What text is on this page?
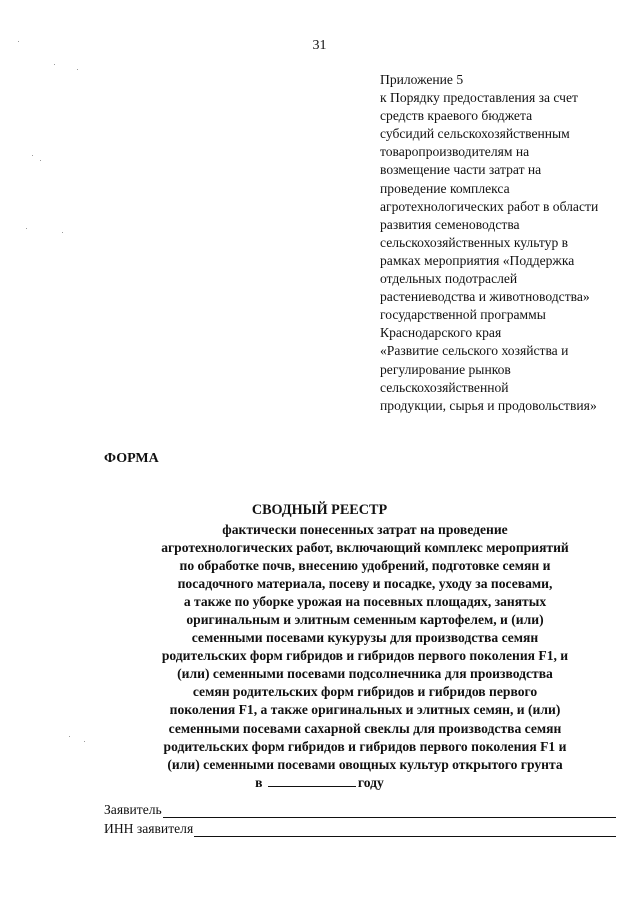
31
Приложение 5
к Порядку предоставления за счет
средств краевого бюджета
субсидий сельскохозяйственным
товаропроизводителям на
возмещение части затрат на
проведение комплекса
агротехнологических работ в области
развития семеноводства
сельскохозяйственных культур в
рамках мероприятия «Поддержка
отдельных подотраслей
растениеводства и животноводства»
государственной программы
Краснодарского края
«Развитие сельского хозяйства и
регулирование рынков
сельскохозяйственной
продукции, сырья и продовольствия»
ФОРМА
СВОДНЫЙ РЕЕСТР
фактически понесенных затрат на проведение
агротехнологических работ, включающий комплекс мероприятий
по обработке почв, внесению удобрений, подготовке семян и
посадочного материала, посеву и посадке, уходу за посевами,
а также по уборке урожая на посевных площадях, занятых
оригинальным и элитным семенным картофелем, и (или)
семенными посевами кукурузы для производства семян
родительских форм гибридов и гибридов первого поколения F1, и
(или) семенными посевами подсолнечника для производства
семян родительских форм гибридов и гибридов первого
поколения F1, а также оригинальных и элитных семян, и (или)
семенными посевами сахарной свеклы для производства семян
родительских форм гибридов и гибридов первого поколения F1 и
(или) семенными посевами овощных культур открытого грунта
в	году
Заявитель
ИНН заявителя
